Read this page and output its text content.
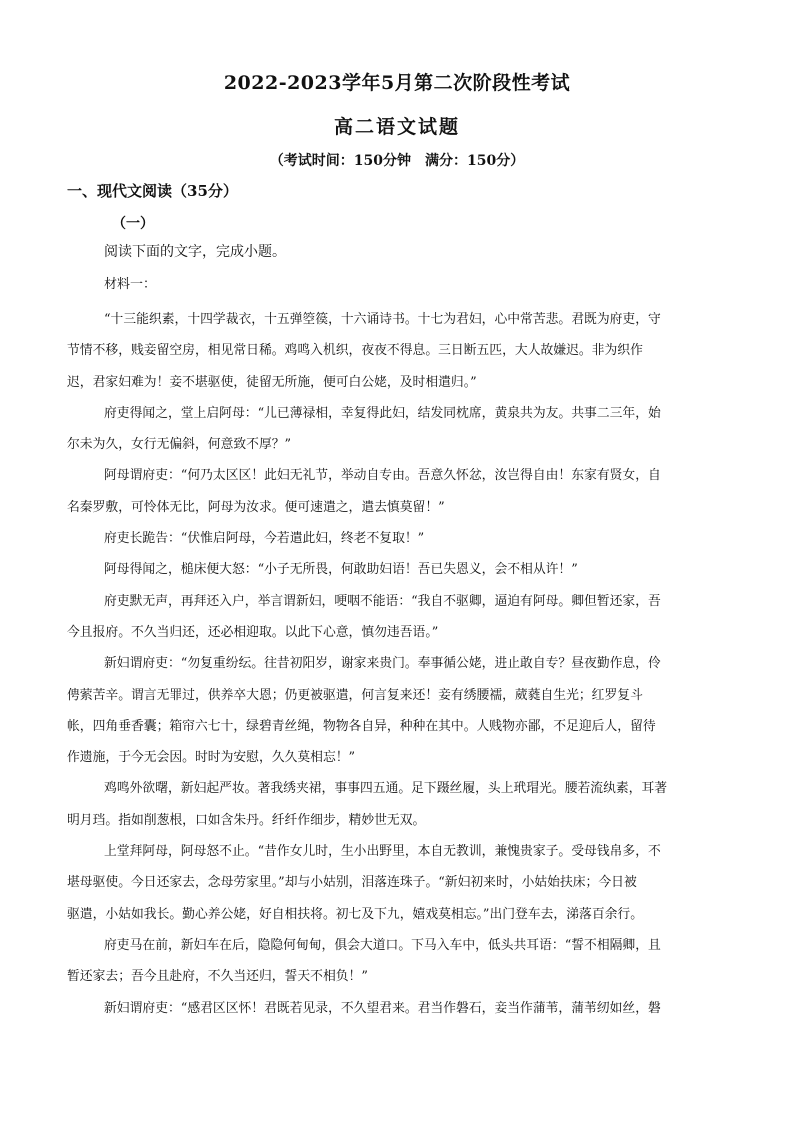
2022-2023学年5月第二次阶段性考试
高二语文试题
（考试时间：150分钟　满分：150分）
一、现代文阅读（35分）
（一）
阅读下面的文字，完成小题。
材料一：
“十三能织素，十四学裁衣，十五弹箜篌，十六诵诗书。十七为君妇，心中常苦悲。君既为府吏，守
节情不移，贱妾留空房，相见常日稀。鸡鸣入机织，夜夜不得息。三日断五匹，大人故嫌迟。非为织作
迟，君家妇难为！妾不堪驱使，徒留无所施，便可白公姥，及时相遣归。”
府吏得闻之，堂上启阿母：“儿已薄禄相，幸复得此妇，结发同枕席，黄泉共为友。共事二三年，始
尔未为久，女行无偏斜，何意致不厚？”
阿母谓府吏：“何乃太区区！此妇无礼节，举动自专由。吾意久怀忿，汝岂得自由！东家有贤女，自
名秦罗敷，可怜体无比，阿母为汝求。便可速遣之，遣去慎莫留！”
府吏长跪告：“伏惟启阿母，今若遣此妇，终老不复取！”
阿母得闻之，槌床便大怒：“小子无所畏，何敢助妇语！吾已失恩义，会不相从许！”
府吏默无声，再拜还入户，举言谓新妇，哽咽不能语：“我自不驱卿，逼迫有阿母。卿但暂还家，吾
今且报府。不久当归还，还必相迎取。以此下心意，慎勿违吾语。”
新妇谓府吏：“勿复重纷纭。往昔初阳岁，谢家来贵门。奉事循公姥，进止敢自专？昼夜勤作息，伶
俜萦苦辛。谓言无罪过，供养卒大恩；仍更被驱遣，何言复来还！妾有绣腰襦，葳蕤自生光；红罗复斗
帐，四角垂香囊；箱帘六七十，绿碧青丝绳，物物各自异，种种在其中。人贱物亦鄙，不足迎后人，留待
作遗施，于今无会因。时时为安慰，久久莫相忘！”
鸡鸣外欲曙，新妇起严妆。著我绣夹裙，事事四五通。足下蹑丝履，头上玳瑁光。腰若流纨素，耳著
明月珰。指如削葱根，口如含朱丹。纤纤作细步，精妙世无双。
上堂拜阿母，阿母怒不止。“昔作女儿时，生小出野里，本自无教训，兼愧贵家子。受母钱帛多，不
堪母驱使。今日还家去，念母劳家里。”却与小姑别，泪落连珠子。“新妇初来时，小姑始扶床；今日被
驱遣，小姑如我长。勤心养公姥，好自相扶将。初七及下九，嬉戏莫相忘。”出门登车去，涕落百余行。
府吏马在前，新妇车在后，隐隐何甸甸，俱会大道口。下马入车中，低头共耳语：“誓不相隔卿，且
暂还家去；吾今且赴府，不久当还归，誓天不相负！”
新妇谓府吏：“感君区区怀！君既若见录，不久望君来。君当作磐石，妾当作蒲苇，蒲苇纫如丝，磐
